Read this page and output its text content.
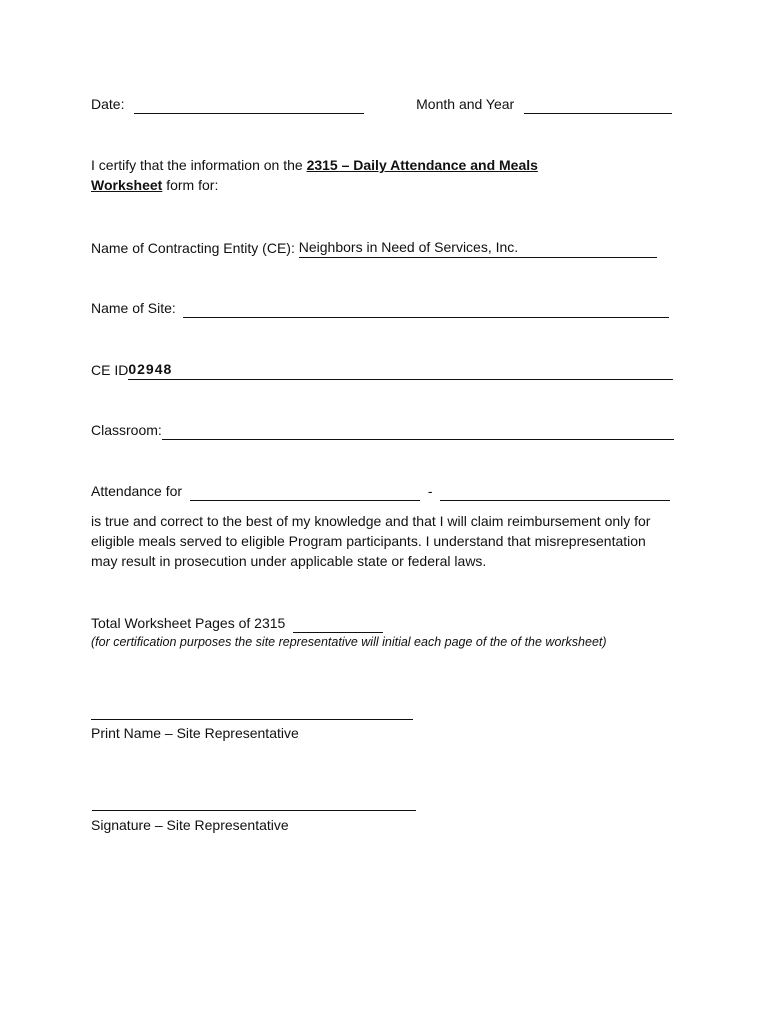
Date:	Month and Year
I certify that the information on the 2315 – Daily Attendance and Meals
Worksheet form for:
Name of Contracting Entity (CE): Neighbors in Need of Services, Inc.
Name of Site:
CE ID02948
Classroom:
Attendance for	-
is true and correct to the best of my knowledge and that I will claim reimbursement only for eligible meals served to eligible Program participants. I understand that misrepresentation may result in prosecution under applicable state or federal laws.
Total Worksheet Pages of 2315
(for certification purposes the site representative will initial each page of the of the worksheet)
Print Name – Site Representative
Signature – Site Representative
